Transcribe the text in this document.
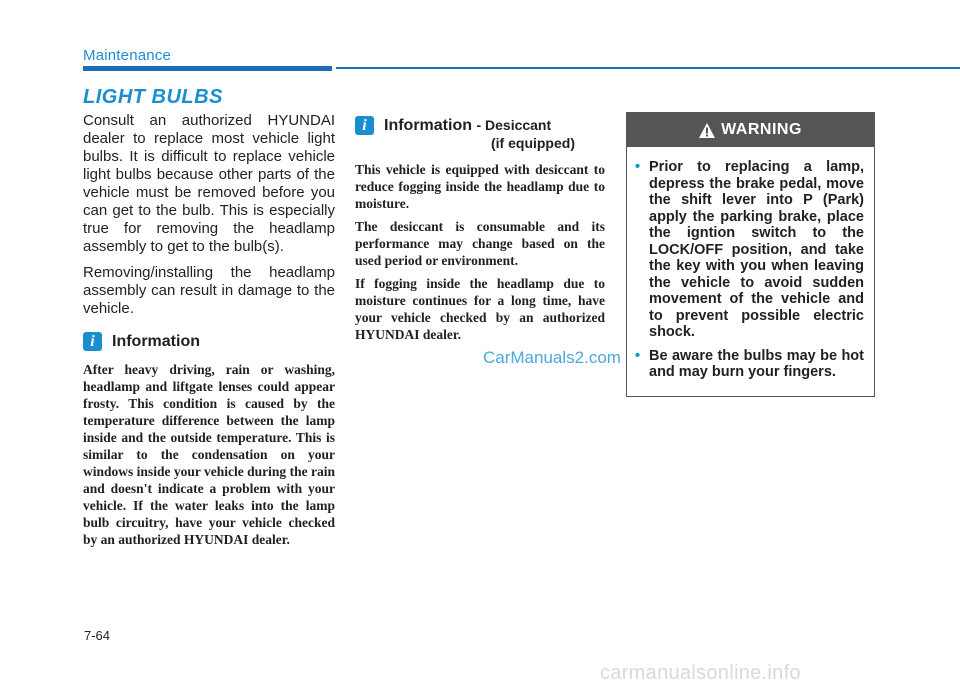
Maintenance
LIGHT BULBS

Consult an authorized HYUNDAI dealer to replace most vehicle light bulbs. It is difficult to replace vehicle light bulbs because other parts of the vehicle must be removed before you can get to the bulb. This is especially true for removing the headlamp assembly to get to the bulb(s).

Removing/installing the headlamp assembly can result in damage to the vehicle.

i	Information

After heavy driving, rain or washing, headlamp and liftgate lenses could appear frosty. This condition is caused by the temperature difference between the lamp inside and the outside temperature. This is similar to the condensation on your windows inside your vehicle during the rain and doesn't indicate a problem with your vehicle. If the water leaks into the lamp bulb circuitry, have your vehicle checked by an authorized HYUNDAI dealer.

i	Information - Desiccant
(if equipped)

This vehicle is equipped with desiccant to reduce fogging inside the headlamp due to moisture.

The desiccant is consumable and its performance may change based on the used period or environment.

If fogging inside the headlamp due to moisture continues for a long time, have your vehicle checked by an authorized HYUNDAI dealer.

WARNING
• Prior to replacing a lamp, depress the brake pedal, move the shift lever into P (Park) apply the parking brake, place the igntion switch to the LOCK/OFF position, and take the key with you when leaving the vehicle to avoid sudden movement of the vehicle and to prevent possible electric shock.
• Be aware the bulbs may be hot and may burn your fingers.
CarManuals2.com
7-64
carmanualsonline.info
